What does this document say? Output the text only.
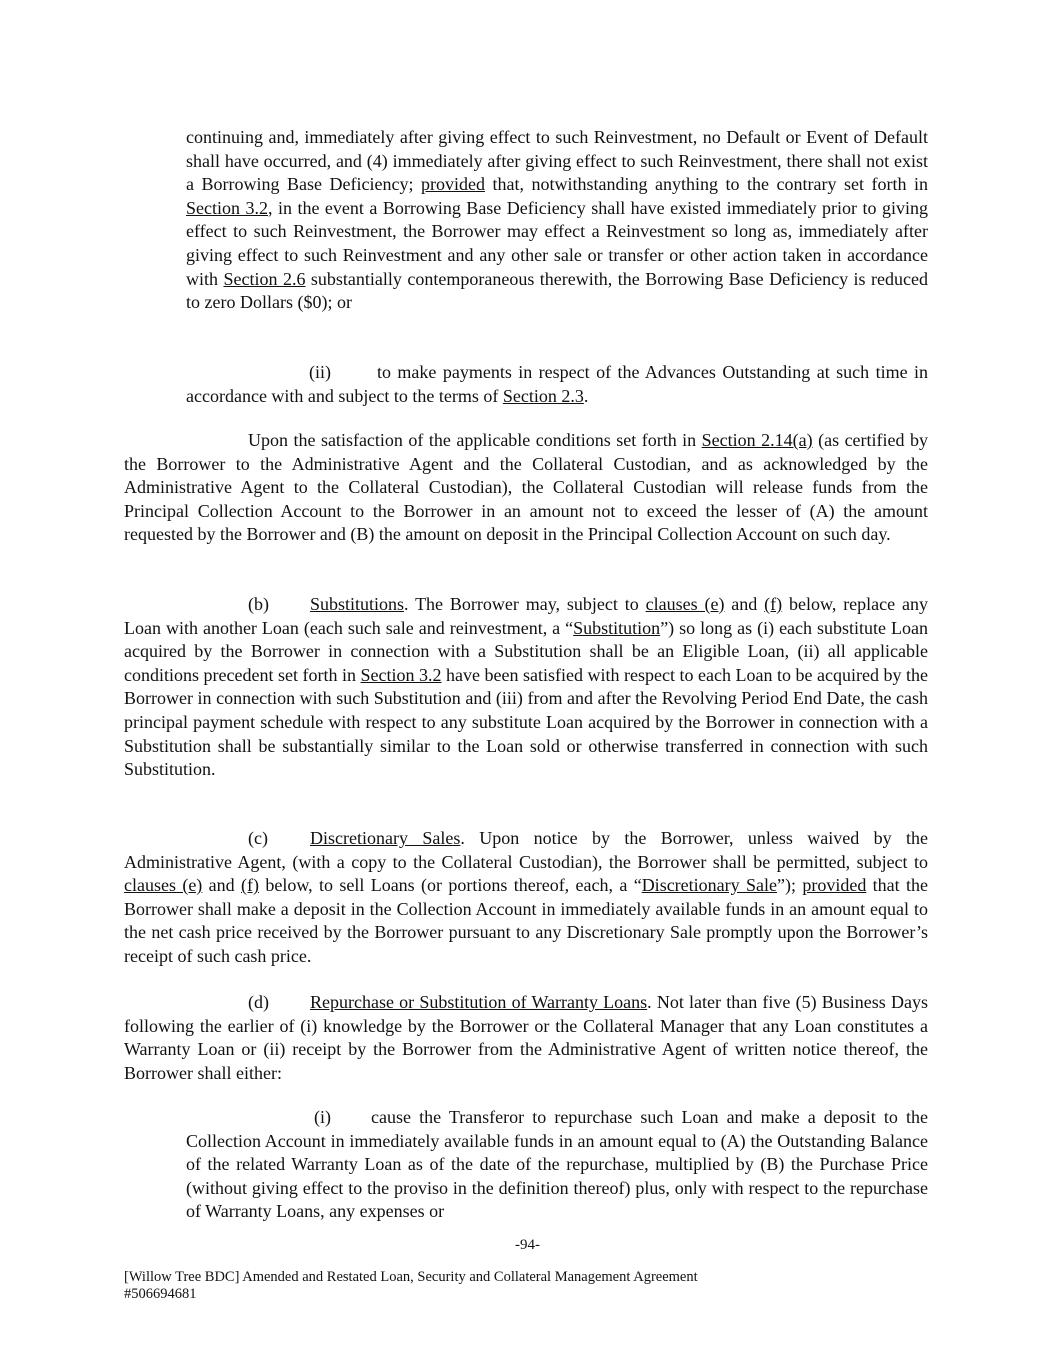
continuing and, immediately after giving effect to such Reinvestment, no Default or Event of Default shall have occurred, and (4) immediately after giving effect to such Reinvestment, there shall not exist a Borrowing Base Deficiency; provided that, notwithstanding anything to the contrary set forth in Section 3.2, in the event a Borrowing Base Deficiency shall have existed immediately prior to giving effect to such Reinvestment, the Borrower may effect a Reinvestment so long as, immediately after giving effect to such Reinvestment and any other sale or transfer or other action taken in accordance with Section 2.6 substantially contemporaneous therewith, the Borrowing Base Deficiency is reduced to zero Dollars ($0); or

(ii)	to make payments in respect of the Advances Outstanding at such time in accordance with and subject to the terms of Section 2.3.

Upon the satisfaction of the applicable conditions set forth in Section 2.14(a) (as certified by the Borrower to the Administrative Agent and the Collateral Custodian, and as acknowledged by the Administrative Agent to the Collateral Custodian), the Collateral Custodian will release funds from the Principal Collection Account to the Borrower in an amount not to exceed the lesser of (A) the amount requested by the Borrower and (B) the amount on deposit in the Principal Collection Account on such day.

(b) Substitutions. The Borrower may, subject to clauses (e) and (f) below, replace any Loan with another Loan (each such sale and reinvestment, a “Substitution”) so long as (i) each substitute Loan acquired by the Borrower in connection with a Substitution shall be an Eligible Loan, (ii) all applicable conditions precedent set forth in Section 3.2 have been satisfied with respect to each Loan to be acquired by the Borrower in connection with such Substitution and (iii) from and after the Revolving Period End Date, the cash principal payment schedule with respect to any substitute Loan acquired by the Borrower in connection with a Substitution shall be substantially similar to the Loan sold or otherwise transferred in connection with such Substitution.

(c) Discretionary Sales. Upon notice by the Borrower, unless waived by the Administrative Agent, (with a copy to the Collateral Custodian), the Borrower shall be permitted, subject to clauses (e) and (f) below, to sell Loans (or portions thereof, each, a “Discretionary Sale”); provided that the Borrower shall make a deposit in the Collection Account in immediately available funds in an amount equal to the net cash price received by the Borrower pursuant to any Discretionary Sale promptly upon the Borrower’s receipt of such cash price.

(d) Repurchase or Substitution of Warranty Loans. Not later than five (5) Business Days following the earlier of (i) knowledge by the Borrower or the Collateral Manager that any Loan constitutes a Warranty Loan or (ii) receipt by the Borrower from the Administrative Agent of written notice thereof, the Borrower shall either:

(i) cause the Transferor to repurchase such Loan and make a deposit to the Collection Account in immediately available funds in an amount equal to (A) the Outstanding Balance of the related Warranty Loan as of the date of the repurchase, multiplied by (B) the Purchase Price (without giving effect to the proviso in the definition thereof) plus, only with respect to the repurchase of Warranty Loans, any expenses or

-94-
[Willow Tree BDC] Amended and Restated Loan, Security and Collateral Management Agreement
#506694681
